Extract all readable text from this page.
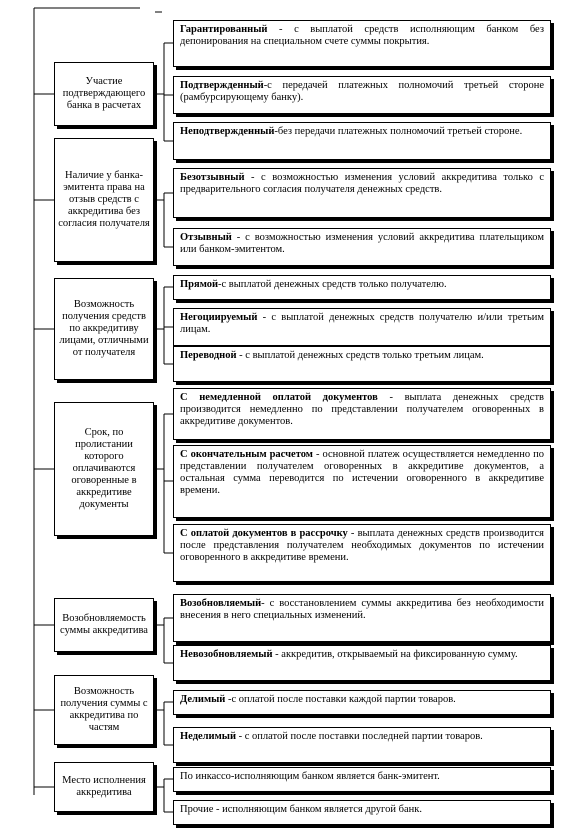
Участие подтверждающего банка в расчетах
Наличие у банка-эмитента права на отзыв средств с аккредитива без согласия получателя
Возможность получения средств по аккредитиву лицами, отличными от получателя
Срок, по пролистании которого оплачиваются оговоренные в аккредитиве документы
Возобновляемость суммы аккредитива
Возможность получения суммы с аккредитива по частям
Место исполнения аккредитива
Гарантированный - с выплатой средств исполняющим банком без депонирования на специальном счете суммы покрытия.
Подтвержденный-с передачей платежных полномочий третьей стороне (рамбурсирующему банку).
Неподтвержденный-без передачи платежных полномочий третьей стороне.
Безотзывный - с возможностью изменения условий аккредитива только с предварительного согласия получателя денежных средств.
Отзывный - с возможностью изменения условий аккредитива плательщиком или банком-эмитентом.
Прямой-с выплатой денежных средств только получателю.
Негоциируемый - с выплатой денежных средств получателю и/или третьим лицам.
Переводной - с выплатой денежных средств только третьим лицам.
С немедленной оплатой документов - выплата денежных средств производится немедленно по представлении получателем оговоренных в аккредитиве документов.
С окончательным расчетом - основной платеж осуществляется немедленно по представлении получателем оговоренных в аккредитиве документов, а остальная сумма переводится по истечении оговоренного в аккредитиве времени.
С оплатой документов в рассрочку - выплата денежных средств производится после представления получателем необходимых документов по истечении оговоренного в аккредитиве времени.
Возобновляемый- с восстановлением суммы аккредитива без необходимости внесения в него специальных изменений.
Невозобновляемый - аккредитив, открываемый на фиксированную сумму.
Делимый -с оплатой после поставки каждой партии товаров.
Неделимый - с оплатой после поставки последней партии товаров.
По инкассо-исполняющим банком является банк-эмитент.
Прочие - исполняющим банком является другой банк.
